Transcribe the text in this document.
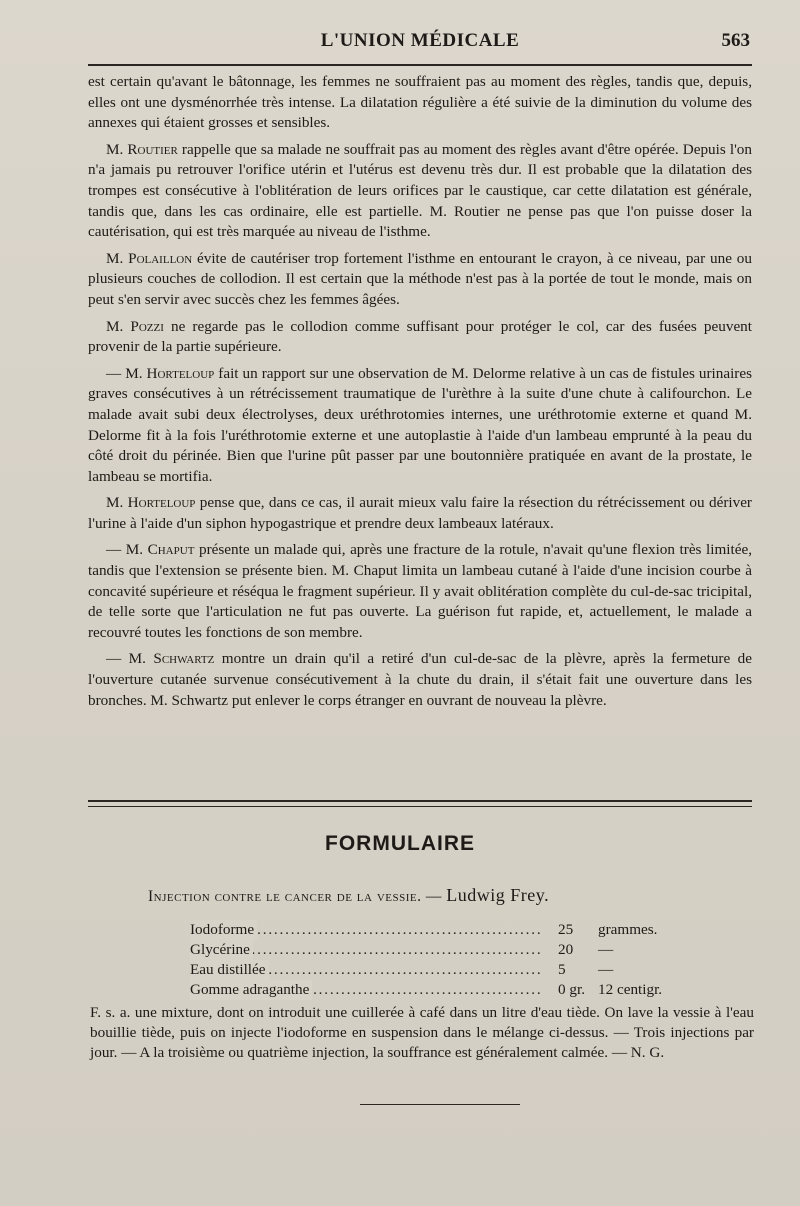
L'UNION MÉDICALE	563

est certain qu'avant le bâtonnage, les femmes ne souffraient pas au moment des règles, tandis que, depuis, elles ont une dysménorrhée très intense. La dilatation régulière a été suivie de la diminution du volume des annexes qui étaient grosses et sensibles.

M. Routier rappelle que sa malade ne souffrait pas au moment des règles avant d'être opérée. Depuis l'on n'a jamais pu retrouver l'orifice utérin et l'utérus est devenu très dur. Il est probable que la dilatation des trompes est consécutive à l'oblitération de leurs orifices par le caustique, car cette dilatation est générale, tandis que, dans les cas ordinaire, elle est partielle. M. Routier ne pense pas que l'on puisse doser la cautérisation, qui est très marquée au niveau de l'isthme.

M. Polaillon évite de cautériser trop fortement l'isthme en entourant le crayon, à ce niveau, par une ou plusieurs couches de collodion. Il est certain que la méthode n'est pas à la portée de tout le monde, mais on peut s'en servir avec succès chez les femmes âgées.

M. Pozzi ne regarde pas le collodion comme suffisant pour protéger le col, car des fusées peuvent provenir de la partie supérieure.

— M. Horteloup fait un rapport sur une observation de M. Delorme relative à un cas de fistules urinaires graves consécutives à un rétrécissement traumatique de l'urèthre à la suite d'une chute à califourchon. Le malade avait subi deux électrolyses, deux uréthrotomies internes, une uréthrotomie externe et quand M. Delorme fit à la fois l'uréthrotomie externe et une autoplastie à l'aide d'un lambeau emprunté à la peau du côté droit du périnée. Bien que l'urine pût passer par une boutonnière pratiquée en avant de la prostate, le lambeau se mortifia.

M. Horteloup pense que, dans ce cas, il aurait mieux valu faire la résection du rétrécissement ou dériver l'urine à l'aide d'un siphon hypogastrique et prendre deux lambeaux latéraux.

— M. Chaput présente un malade qui, après une fracture de la rotule, n'avait qu'une flexion très limitée, tandis que l'extension se présente bien. M. Chaput limita un lambeau cutané à l'aide d'une incision courbe à concavité supérieure et réséqua le fragment supérieur. Il y avait oblitération complète du cul-de-sac tricipital, de telle sorte que l'articulation ne fut pas ouverte. La guérison fut rapide, et, actuellement, le malade a recouvré toutes les fonctions de son membre.

— M. Schwartz montre un drain qu'il a retiré d'un cul-de-sac de la plèvre, après la fermeture de l'ouverture cutanée survenue consécutivement à la chute du drain, il s'était fait une ouverture dans les bronches. M. Schwartz put enlever le corps étranger en ouvrant de nouveau la plèvre.

FORMULAIRE
Injection contre le cancer de la vessie. — Ludwig Frey.
. . .
Iodoforme	25 grammes.
. . .
Glycérine	20 —
. . .
Eau distillée	5 —
. . .
Gomme adraganthe	0 gr. 12 centigr.

F. s. a. une mixture, dont on introduit une cuillerée à café dans un litre d'eau tiède. On lave la vessie à l'eau bouillie tiède, puis on injecte l'iodoforme en suspension dans le mélange ci-dessus. — Trois injections par jour. — A la troisième ou quatrième injection, la souffrance est généralement calmée. — N. G.
